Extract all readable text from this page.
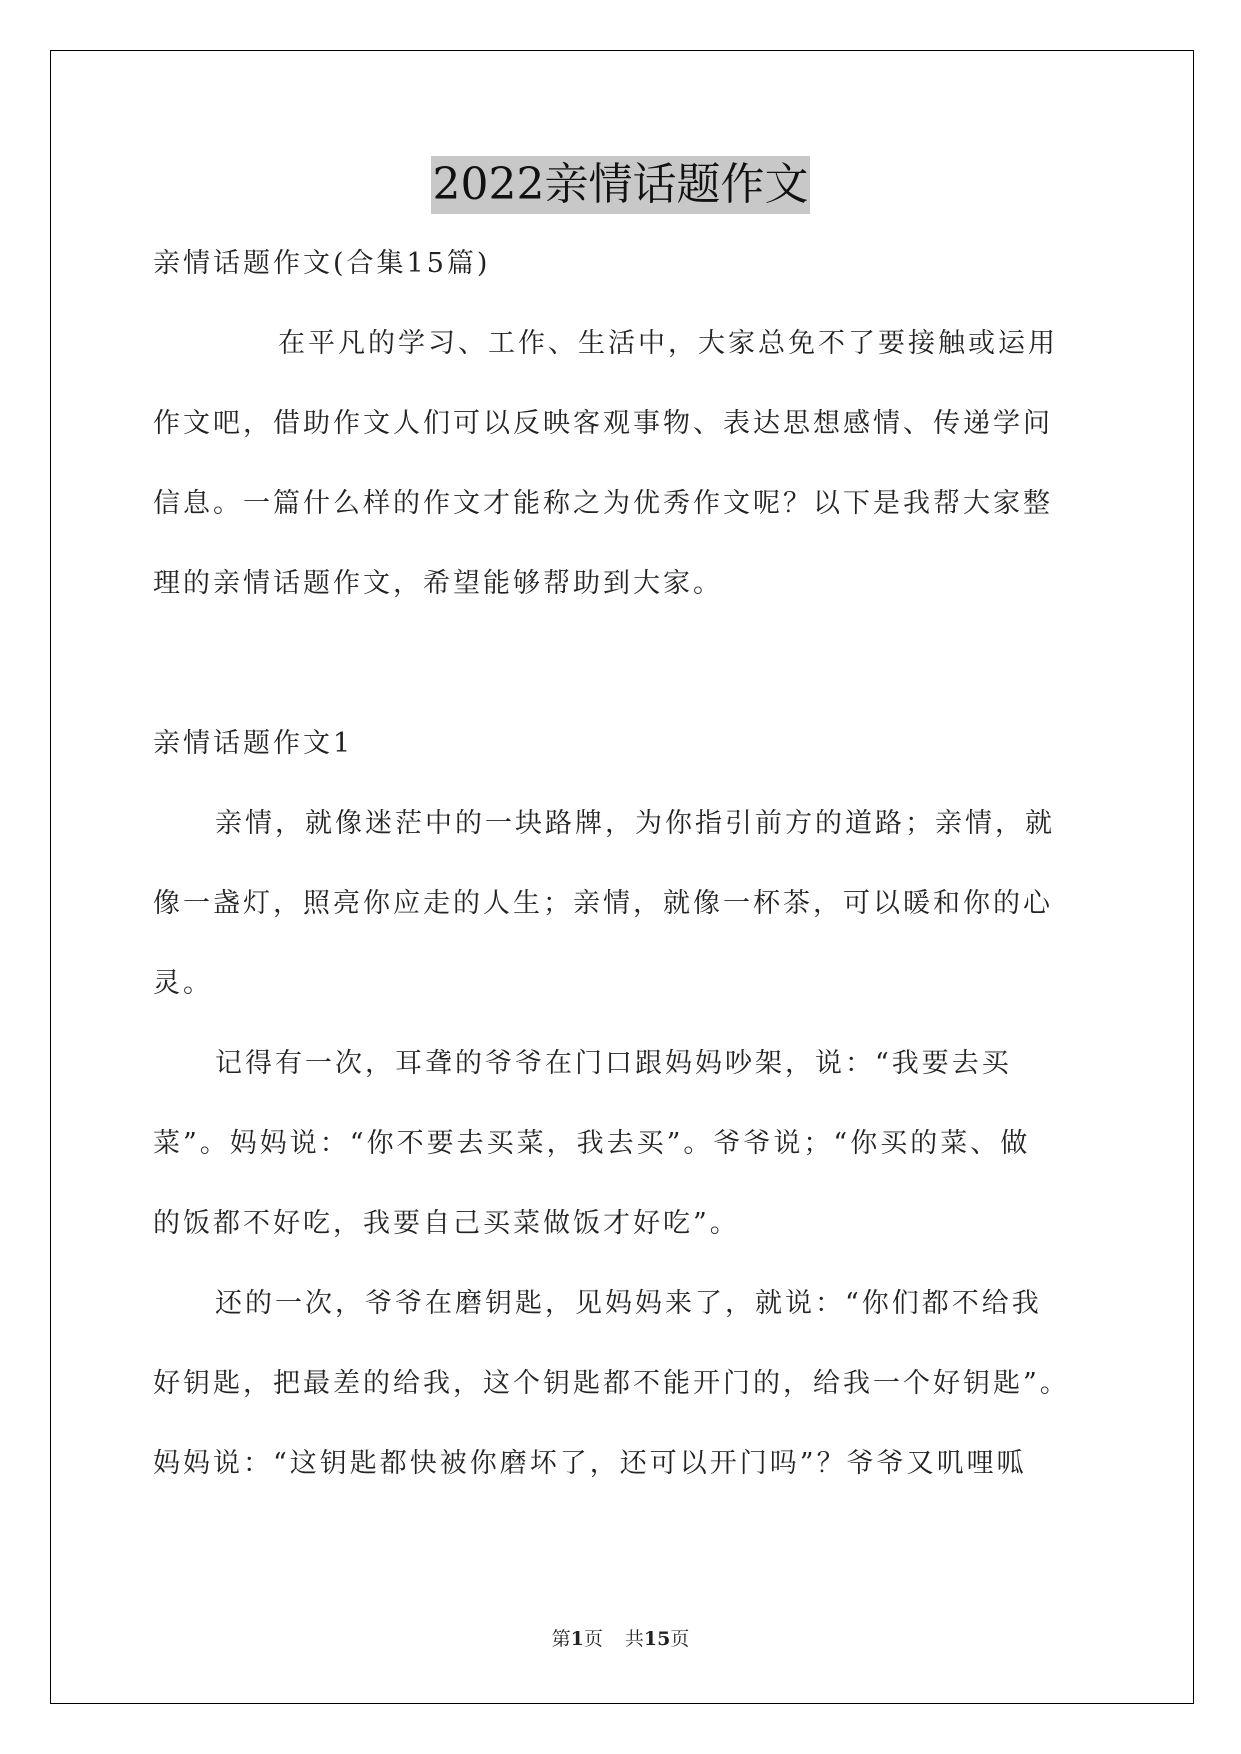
2022亲情话题作文
亲情话题作文(合集15篇)
在平凡的学习、工作、生活中，大家总免不了要接触或运用
作文吧，借助作文人们可以反映客观事物、表达思想感情、传递学问
信息。一篇什么样的作文才能称之为优秀作文呢？以下是我帮大家整
理的亲情话题作文，希望能够帮助到大家。
亲情话题作文1
亲情，就像迷茫中的一块路牌，为你指引前方的道路；亲情，就
像一盏灯，照亮你应走的人生；亲情，就像一杯茶，可以暖和你的心
灵。
记得有一次，耳聋的爷爷在门口跟妈妈吵架，说：“我要去买
菜”。妈妈说：“你不要去买菜，我去买”。爷爷说；“你买的菜、做
的饭都不好吃，我要自己买菜做饭才好吃”。
还的一次，爷爷在磨钥匙，见妈妈来了，就说：“你们都不给我
好钥匙，把最差的给我，这个钥匙都不能开门的，给我一个好钥匙”。
妈妈说：“这钥匙都快被你磨坏了，还可以开门吗”？爷爷又叽哩呱
第1页 共15页
